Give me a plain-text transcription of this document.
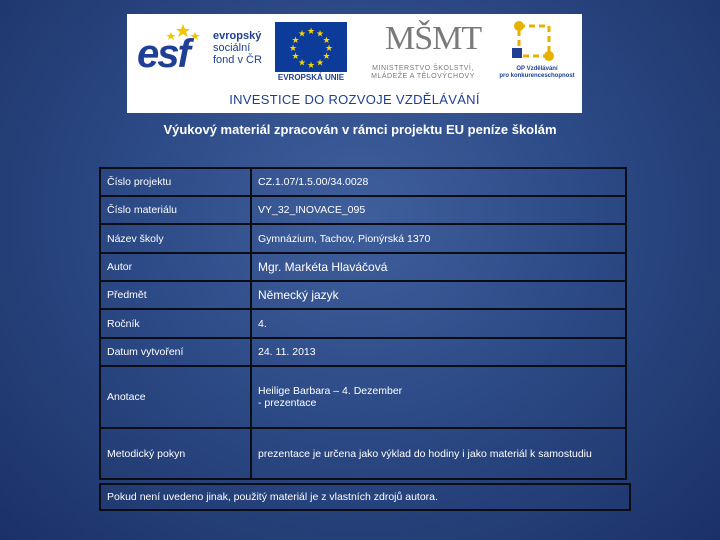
esf evropský
sociální
fond v ČR
★ ★
★
★
★
★
★
★
★
★
★
★
EVROPSKÁ UNIE
MŠMT
MINISTERSTVO ŠKOLSTVÍ,
MLÁDEŽE A TĚLOVÝCHOVY
OP Vzdělávání
pro konkurenceschopnost
INVESTICE DO ROZVOJE VZDĚLÁVÁNÍ
Výukový materiál zpracován v rámci projektu EU peníze školám
Číslo projektu	CZ.1.07/1.5.00/34.0028
Číslo materiálu	VY_32_INOVACE_095
Název školy	Gymnázium, Tachov, Pionýrská 1370
Autor	Mgr. Markéta Hlaváčová
Předmět	Německý jazyk
Ročník	4.
Datum vytvoření	24. 11. 2013
Anotace	Heilige Barbara – 4. Dezember
- prezentace

Metodický pokyn	prezentace je určena jako výklad do hodiny i jako materiál k samostudiu
Pokud není uvedeno jinak, použitý materiál je z vlastních zdrojů autora.
